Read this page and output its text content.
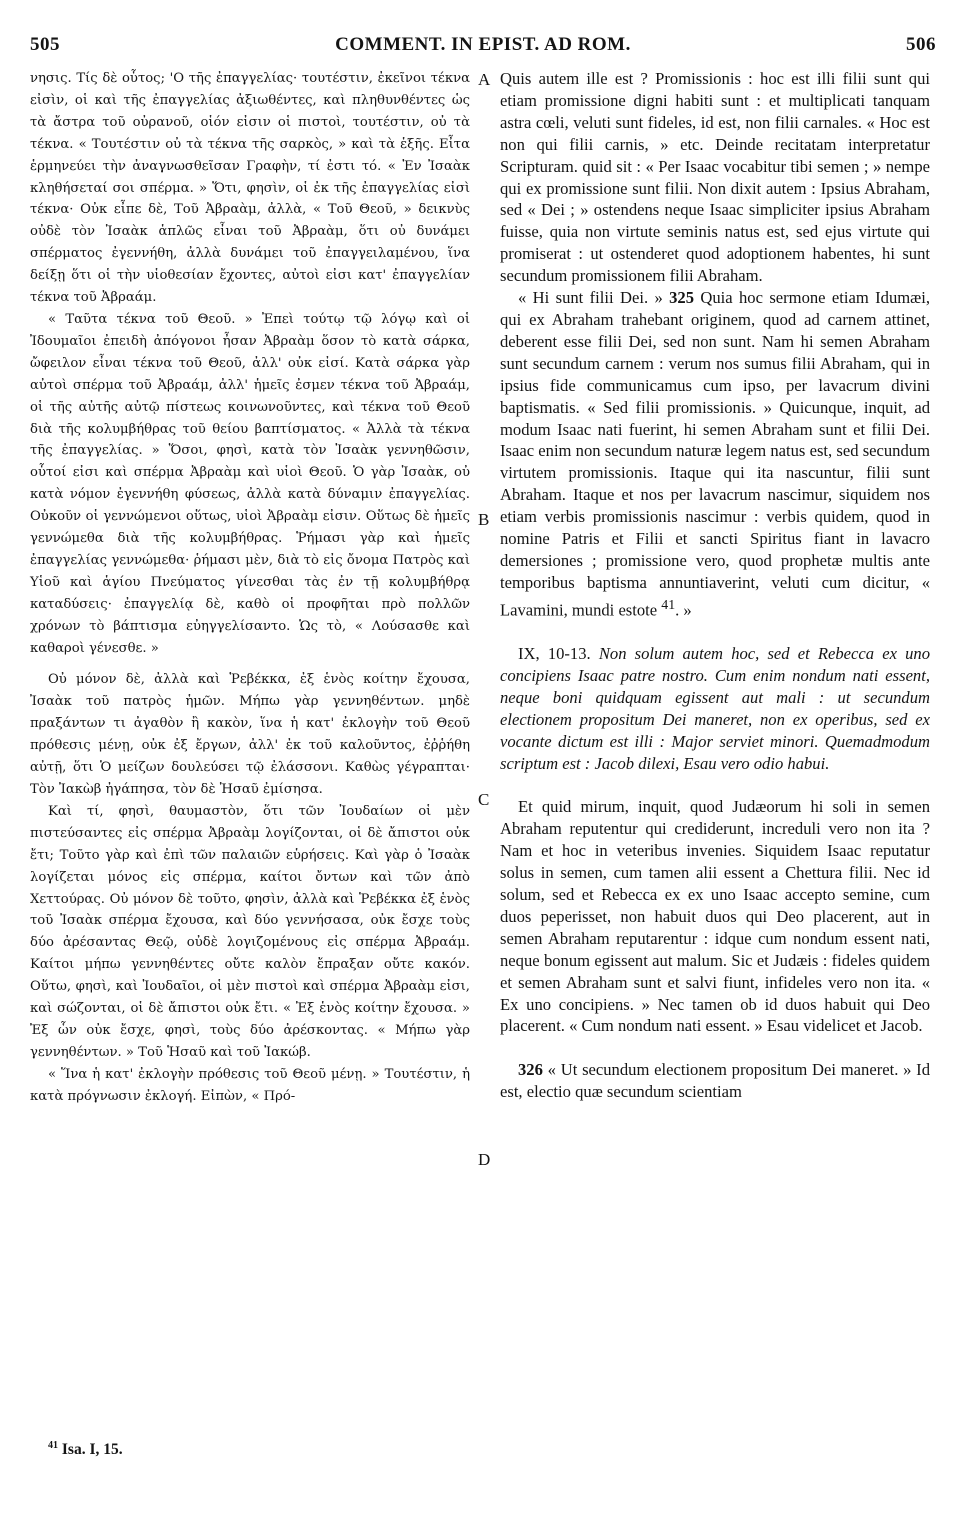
505	COMMENT. IN EPIST. AD ROM.	506

νησις. Τίς δὲ οὗτος; 'Ο τῆς ἐπαγγελίας· τουτέστιν, ἐκεῖνοι τέκνα εἰσὶν, οἱ καὶ τῆς ἐπαγγελίας ἀξιωθέντες, καὶ πληθυνθέντες ὡς τὰ ἄστρα τοῦ οὐρανοῦ, οἱόν εἰσιν οἱ πιστοὶ, τουτέστιν, οὐ τὰ τέκνα. « Τουτέστιν οὐ τὰ τέκνα τῆς σαρκὸς, » καὶ τὰ ἑξῆς. Εἶτα ἑρμηνεύει τὴν ἀναγνωσθεῖσαν Γραφὴν, τί ἐστι τό. « Ἐν Ἰσαὰκ κληθήσεταί σοι σπέρμα. » Ὅτι, φησὶν, οἱ ἐκ τῆς ἐπαγγελίας εἰσὶ τέκνα· Οὐκ εἶπε δὲ, Τοῦ Ἀβραὰμ, ἀλλὰ, « Τοῦ Θεοῦ, » δεικνὺς οὐδὲ τὸν Ἰσαὰκ ἁπλῶς εἶναι τοῦ Ἀβραὰμ, ὅτι οὐ δυνάμει σπέρματος ἐγεννήθη, ἀλλὰ δυνάμει τοῦ ἐπαγγειλαμένου, ἵνα δείξῃ ὅτι οἱ τὴν υἱοθεσίαν ἔχοντες, αὐτοὶ εἰσι κατ' ἐπαγγελίαν τέκνα τοῦ Ἀβραάμ.

« Ταῦτα τέκνα τοῦ Θεοῦ. » Ἐπεὶ τούτῳ τῷ λόγῳ καὶ οἱ Ἰδουμαῖοι ἐπειδὴ ἀπόγονοι ἦσαν Ἀβραὰμ ὅσον τὸ κατὰ σάρκα, ὤφειλον εἶναι τέκνα τοῦ Θεοῦ, ἀλλ' οὐκ εἰσί. Κατὰ σάρκα γὰρ αὐτοὶ σπέρμα τοῦ Ἀβραάμ, ἀλλ' ἡμεῖς ἐσμεν τέκνα τοῦ Ἀβραάμ, οἱ τῆς αὐτῆς αὐτῷ πίστεως κοινωνοῦντες, καὶ τέκνα τοῦ Θεοῦ διὰ τῆς κολυμβήθρας τοῦ θείου βαπτίσματος. « Ἀλλὰ τὰ τέκνα τῆς ἐπαγγελίας. » Ὅσοι, φησὶ, κατὰ τὸν Ἰσαὰκ γεννηθῶσιν, οὗτοί εἰσι καὶ σπέρμα Ἀβραὰμ καὶ υἱοὶ Θεοῦ. Ὁ γὰρ Ἰσαὰκ, οὐ κατὰ νόμον ἐγεννήθη φύσεως, ἀλλὰ κατὰ δύναμιν ἐπαγγελίας. Οὐκοῦν οἱ γεννώμενοι οὕτως, υἱοὶ Ἀβραὰμ εἰσιν. Οὕτως δὲ ἡμεῖς γεννώμεθα διὰ τῆς κολυμβήθρας. Ῥήμασι γὰρ καὶ ἡμεῖς ἐπαγγελίας γεννώμεθα· ῥήμασι μὲν, διὰ τὸ εἰς ὄνομα Πατρὸς καὶ Υἱοῦ καὶ ἁγίου Πνεύματος γίνεσθαι τὰς ἐν τῇ κολυμβήθρᾳ καταδύσεις· ἐπαγγελίᾳ δὲ, καθὸ οἱ προφῆται πρὸ πολλῶν χρόνων τὸ βάπτισμα εὐηγγελίσαντο. Ὡς τὸ, « Λούσασθε καὶ καθαροὶ γένεσθε. »

Οὐ μόνον δὲ, ἀλλὰ καὶ Ῥεβέκκα, ἐξ ἑνὸς κοίτην ἔχουσα, Ἰσαὰκ τοῦ πατρὸς ἡμῶν. Μήπω γὰρ γεννηθέντων. μηδὲ πραξάντων τι ἀγαθὸν ἢ κακὸν, ἵνα ἡ κατ' ἐκλογὴν τοῦ Θεοῦ πρόθεσις μένῃ, οὐκ ἐξ ἔργων, ἀλλ' ἐκ τοῦ καλοῦντος, ἐῤῥήθη αὐτῇ, ὅτι Ὁ μείζων δουλεύσει τῷ ἐλάσσονι. Καθὼς γέγραπται· Τὸν Ἰακὼβ ἠγάπησα, τὸν δὲ Ἠσαῦ ἐμίσησα.

Καὶ τί, φησὶ, θαυμαστὸν, ὅτι τῶν Ἰουδαίων οἱ μὲν πιστεύσαντες εἰς σπέρμα Ἀβραὰμ λογίζονται, οἱ δὲ ἄπιστοι οὐκ ἔτι; Τοῦτο γὰρ καὶ ἐπὶ τῶν παλαιῶν εὑρήσεις. Καὶ γὰρ ὁ Ἰσαὰκ λογίζεται μόνος εἰς σπέρμα, καίτοι ὄντων καὶ τῶν ἀπὸ Χεττούρας. Οὐ μόνον δὲ τοῦτο, φησὶν, ἀλλὰ καὶ Ῥεβέκκα ἐξ ἑνὸς τοῦ Ἰσαὰκ σπέρμα ἔχουσα, καὶ δύο γεννήσασα, οὐκ ἔσχε τοὺς δύο ἀρέσαντας Θεῷ, οὐδὲ λογιζομένους εἰς σπέρμα Ἀβραάμ. Καίτοι μήπω γεννηθέντες οὔτε καλὸν ἔπραξαν οὔτε κακόν. Οὕτω, φησὶ, καὶ Ἰουδαῖοι, οἱ μὲν πιστοὶ καὶ σπέρμα Ἀβραὰμ εἰσι, καὶ σώζονται, οἱ δὲ ἄπιστοι οὐκ ἔτι. « Ἐξ ἑνὸς κοίτην ἔχουσα. » Ἐξ ὧν οὐκ ἔσχε, φησὶ, τοὺς δύο ἀρέσκοντας. « Μήπω γὰρ γεννηθέντων. » Τοῦ Ἡσαῦ καὶ τοῦ Ἰακώβ.

« Ἵνα ἡ κατ' ἐκλογὴν πρόθεσις τοῦ Θεοῦ μένῃ. » Τουτέστιν, ἡ κατὰ πρόγνωσιν ἐκλογή. Εἰπὼν, « Πρό-

A
B
C
D

Quis autem ille est ? Promissionis : hoc est illi filii sunt qui etiam promissione digni habiti sunt : et multiplicati tanquam astra cœli, veluti sunt fideles, id est, non filii carnales. « Hoc est non qui filii carnis, » etc. Deinde recitatam interpretatur Scripturam. quid sit : « Per Isaac vocabitur tibi semen ; » nempe qui ex promissione sunt filii. Non dixit autem : Ipsius Abraham, sed « Dei ; » ostendens neque Isaac simpliciter ipsius Abraham fuisse, quia non virtute seminis natus est, sed ejus virtute qui promiserat : ut ostenderet quod adoptionem habentes, hi sunt secundum promissionem filii Abraham.

« Hi sunt filii Dei. » 325 Quia hoc sermone etiam Idumæi, qui ex Abraham trahebant originem, quod ad carnem attinet, deberent esse filii Dei, sed non sunt. Nam hi semen Abraham sunt secundum carnem : verum nos sumus filii Abraham, qui in ipsius fide communicamus cum ipso, per lavacrum divini baptismatis. « Sed filii promissionis. » Quicunque, inquit, ad modum Isaac nati fuerint, hi semen Abraham sunt et filii Dei. Isaac enim non secundum naturæ legem natus est, sed secundum virtutem promissionis. Itaque qui ita nascuntur, filii sunt Abraham. Itaque et nos per lavacrum nascimur, siquidem nos etiam verbis promissionis nascimur : verbis quidem, quod in nomine Patris et Filii et sancti Spiritus fiant in lavacro demersiones ; promissione vero, quod prophetæ multis ante temporibus baptisma annuntiaverint, veluti cum dicitur, « Lavamini, mundi estote $^{41}$. »

IX, 10-13. Non solum autem hoc, sed et Rebecca ex uno concipiens Isaac patre nostro. Cum enim nondum nati essent, neque boni quidquam egissent aut mali : ut secundum electionem propositum Dei maneret, non ex operibus, sed ex vocante dictum est illi : Major serviet minori. Quemadmodum scriptum est : Jacob dilexi, Esau vero odio habui.

Et quid mirum, inquit, quod Judæorum hi soli in semen Abraham reputentur qui crediderunt, increduli vero non ita ? Nam et hoc in veteribus invenies. Siquidem Isaac reputatur solus in semen, cum tamen alii essent a Chettura filii. Nec id solum, sed et Rebecca ex ex uno Isaac accepto semine, cum duos peperisset, non habuit duos qui Deo placerent, aut in semen Abraham reputarentur : idque cum nondum essent nati, neque bonum egissent aut malum. Sic et Judæis : fideles quidem et semen Abraham sunt et salvi fiunt, infideles vero non ita. « Ex uno concipiens. » Nec tamen ob id duos habuit qui Deo placerent. « Cum nondum nati essent. » Esau videlicet et Jacob.

326 « Ut secundum electionem propositum Dei maneret. » Id est, electio quæ secundum scientiam

$^{41}$ Isa. I, 15.
